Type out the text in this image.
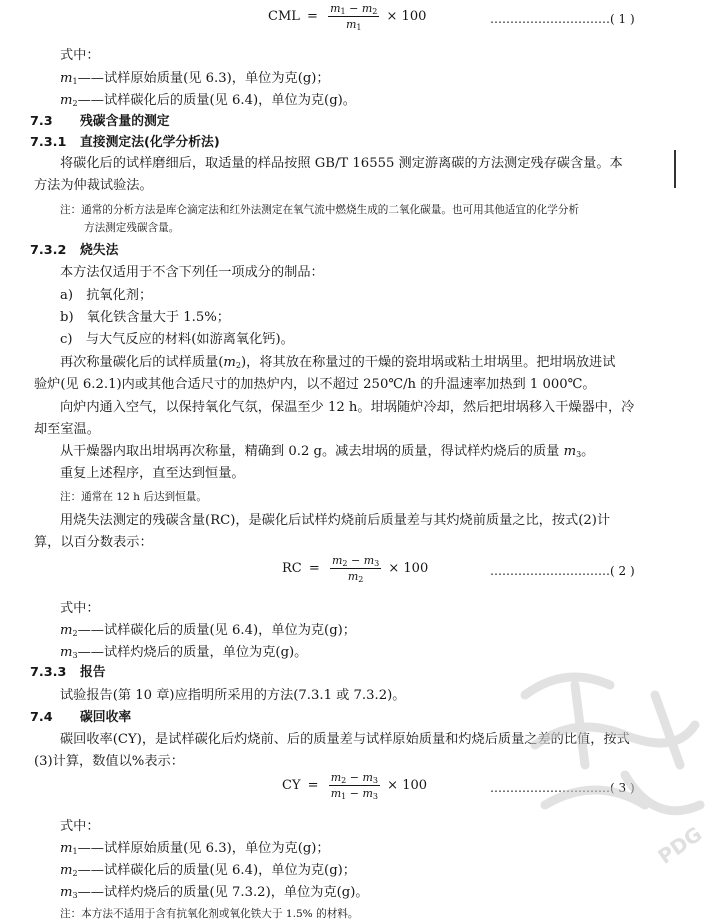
CML = $\frac{m_1 - m_2}{m_1} \times 100$	…………………………( 1 )
式中：
$m_1——$试样原始质量(见 6.3)，单位为克(g)；
$m_2——$试样碳化后的质量(见 6.4)，单位为克(g)。
7.3 残碳含量的测定
7.3.1 直接测定法(化学分析法)
将碳化后的试样磨细后，取适量的样品按照 GB/T 16555 测定游离碳的方法测定残存碳含量。本
方法为仲裁试验法。
注：通常的分析方法是库仑滴定法和红外法测定在氧气流中燃烧生成的二氧化碳量。也可用其他适宜的化学分析
方法测定残碳含量。
7.3.2 烧失法
本方法仅适用于不含下列任一项成分的制品：
a)　抗氧化剂；
b)　氧化铁含量大于 1.5%；
c)　与大气反应的材料(如游离氧化钙)。
再次称量碳化后的试样质量$(m_2)$，将其放在称量过的干燥的瓷坩埚或粘土坩埚里。把坩埚放进试
验炉(见 6.2.1)内或其他合适尺寸的加热炉内，以不超过 250℃/h 的升温速率加热到 1 000℃。
向炉内通入空气，以保持氧化气氛，保温至少 12 h。坩埚随炉冷却，然后把坩埚移入干燥器中，冷
却至室温。
从干燥器内取出坩埚再次称量，精确到 0.2 g。减去坩埚的质量，得试样灼烧后的质量 $m_3$。
重复上述程序，直至达到恒量。
注：通常在 12 h 后达到恒量。
用烧失法测定的残碳含量(RC)，是碳化后试样灼烧前后质量差与其灼烧前质量之比，按式(2)计
算，以百分数表示：
RC = $\frac{m_2 - m_3}{m_2} \times 100$	…………………………( 2 )
式中：
$m_2——$试样碳化后的质量(见 6.4)，单位为克(g)；
$m_3——$试样灼烧后的质量，单位为克(g)。
7.3.3 报告
试验报告(第 10 章)应指明所采用的方法(7.3.1 或 7.3.2)。
7.4 碳回收率
碳回收率(CY)，是试样碳化后灼烧前、后的质量差与试样原始质量和灼烧后质量之差的比值，按式
(3)计算，数值以%表示：
CY = $\frac{m_2 - m_3}{m_1 - m_3} \times 100$	…………………………( 3 )
式中：
$m_1——$试样原始质量(见 6.3)，单位为克(g)；
$m_2——$试样碳化后的质量(见 6.4)，单位为克(g)；
$m_3——$试样灼烧后的质量(见 7.3.2)，单位为克(g)。
注：本方法不适用于含有抗氧化剂或氧化铁大于 1.5% 的材料。
PDG
